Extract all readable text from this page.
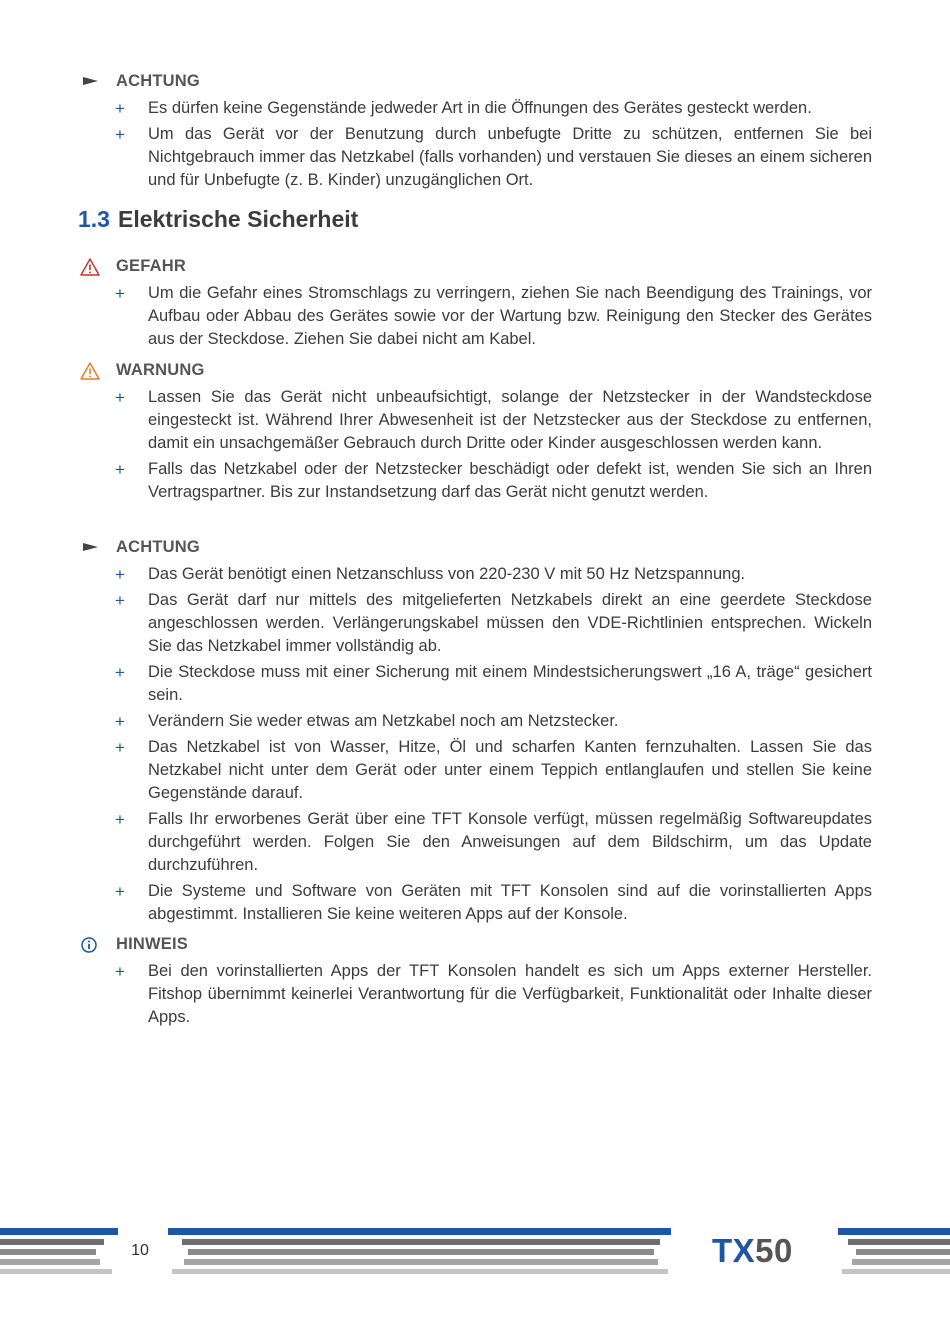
ACHTUNG
+ Es dürfen keine Gegenstände jedweder Art in die Öffnungen des Gerätes gesteckt werden.
+ Um das Gerät vor der Benutzung durch unbefugte Dritte zu schützen, entfernen Sie bei Nichtgebrauch immer das Netzkabel (falls vorhanden) und verstauen Sie dieses an einem sicheren und für Unbefugte (z. B. Kinder) unzugänglichen Ort.
1.3 Elektrische Sicherheit
GEFAHR
+ Um die Gefahr eines Stromschlags zu verringern, ziehen Sie nach Beendigung des Trainings, vor Aufbau oder Abbau des Gerätes sowie vor der Wartung bzw. Reinigung den Stecker des Gerätes aus der Steckdose. Ziehen Sie dabei nicht am Kabel.
WARNUNG
+ Lassen Sie das Gerät nicht unbeaufsichtigt, solange der Netzstecker in der Wandsteckdose eingesteckt ist. Während Ihrer Abwesenheit ist der Netzstecker aus der Steckdose zu entfernen, damit ein unsachgemäßer Gebrauch durch Dritte oder Kinder ausgeschlossen werden kann.
+ Falls das Netzkabel oder der Netzstecker beschädigt oder defekt ist, wenden Sie sich an Ihren Vertragspartner. Bis zur Instandsetzung darf das Gerät nicht genutzt werden.
ACHTUNG
+ Das Gerät benötigt einen Netzanschluss von 220-230 V mit 50 Hz Netzspannung.
+ Das Gerät darf nur mittels des mitgelieferten Netzkabels direkt an eine geerdete Steckdose angeschlossen werden. Verlängerungskabel müssen den VDE-Richtlinien entsprechen. Wickeln Sie das Netzkabel immer vollständig ab.
+ Die Steckdose muss mit einer Sicherung mit einem Mindestsicherungswert „16 A, träge“ gesichert sein.
+ Verändern Sie weder etwas am Netzkabel noch am Netzstecker.
+ Das Netzkabel ist von Wasser, Hitze, Öl und scharfen Kanten fernzuhalten. Lassen Sie das Netzkabel nicht unter dem Gerät oder unter einem Teppich entlanglaufen und stellen Sie keine Gegenstände darauf.
+ Falls Ihr erworbenes Gerät über eine TFT Konsole verfügt, müssen regelmäßig Softwareupdates durchgeführt werden. Folgen Sie den Anweisungen auf dem Bildschirm, um das Update durchzuführen.
+ Die Systeme und Software von Geräten mit TFT Konsolen sind auf die vorinstallierten Apps abgestimmt. Installieren Sie keine weiteren Apps auf der Konsole.
HINWEIS
+ Bei den vorinstallierten Apps der TFT Konsolen handelt es sich um Apps externer Hersteller. Fitshop übernimmt keinerlei Verantwortung für die Verfügbarkeit, Funktionalität oder Inhalte dieser Apps.
10	TX50
